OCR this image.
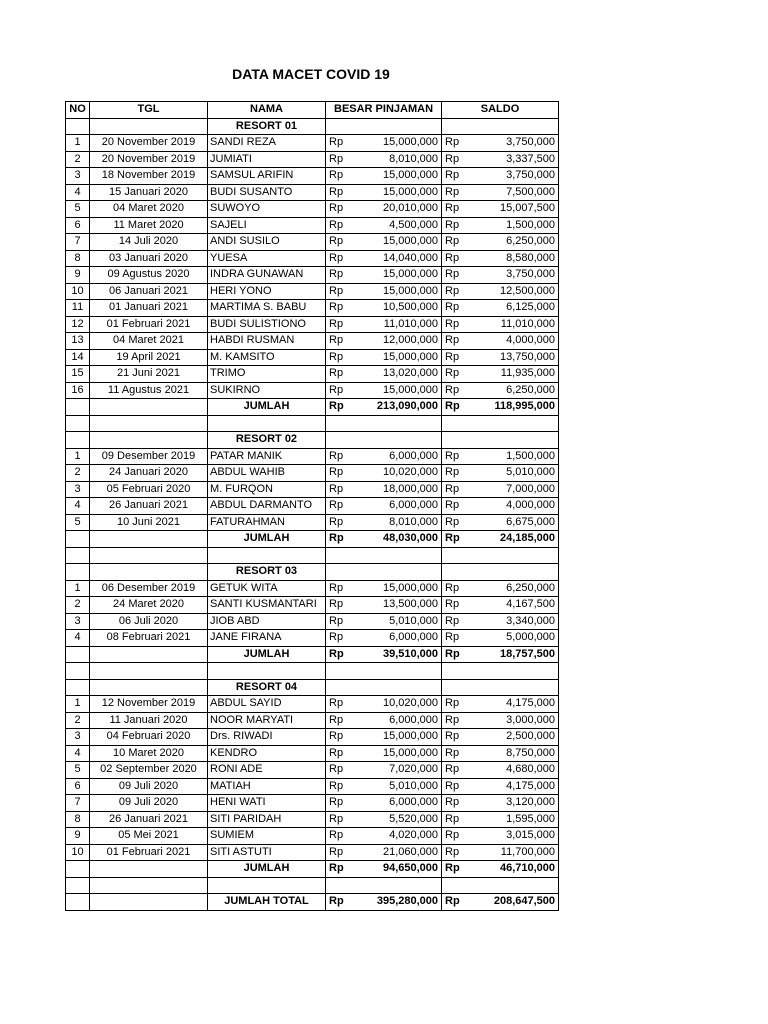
DATA MACET COVID 19
NO	TGL	NAMA	BESAR PINJAMAN		SALDO	
		RESORT 01				
1	20 November 2019	SANDI REZA	Rp	15,000,000	Rp	3,750,000
2	20 November 2019	JUMIATI	Rp	8,010,000	Rp	3,337,500
3	18 November 2019	SAMSUL ARIFIN	Rp	15,000,000	Rp	3,750,000
4	15 Januari 2020	BUDI SUSANTO	Rp	15,000,000	Rp	7,500,000
5	04 Maret 2020	SUWOYO	Rp	20,010,000	Rp	15,007,500
6	11 Maret 2020	SAJELI	Rp	4,500,000	Rp	1,500,000
7	14 Juli 2020	ANDI SUSILO	Rp	15,000,000	Rp	6,250,000
8	03 Januari 2020	YUESA	Rp	14,040,000	Rp	8,580,000
9	09 Agustus 2020	INDRA GUNAWAN	Rp	15,000,000	Rp	3,750,000
10	06 Januari 2021	HERI YONO	Rp	15,000,000	Rp	12,500,000
11	01 Januari 2021	MARTIMA S. BABU	Rp	10,500,000	Rp	6,125,000
12	01 Februari 2021	BUDI SULISTIONO	Rp	11,010,000	Rp	11,010,000
13	04 Maret 2021	HABDI RUSMAN	Rp	12,000,000	Rp	4,000,000
14	19 April 2021	M. KAMSITO	Rp	15,000,000	Rp	13,750,000
15	21 Juni 2021	TRIMO	Rp	13,020,000	Rp	11,935,000
16	11 Agustus 2021	SUKIRNO	Rp	15,000,000	Rp	6,250,000
		JUMLAH	Rp	213,090,000	Rp	118,995,000

		RESORT 02				
1	09 Desember 2019	PATAR MANIK	Rp	6,000,000	Rp	1,500,000
2	24 Januari 2020	ABDUL WAHIB	Rp	10,020,000	Rp	5,010,000
3	05 Februari 2020	M. FURQON	Rp	18,000,000	Rp	7,000,000
4	26 Januari 2021	ABDUL DARMANTO	Rp	6,000,000	Rp	4,000,000
5	10 Juni 2021	FATURAHMAN	Rp	8,010,000	Rp	6,675,000
		JUMLAH	Rp	48,030,000	Rp	24,185,000

		RESORT 03				
1	06 Desember 2019	GETUK WITA	Rp	15,000,000	Rp	6,250,000
2	24 Maret 2020	SANTI KUSMANTARI	Rp	13,500,000	Rp	4,167,500
3	06 Juli 2020	JIOB ABD	Rp	5,010,000	Rp	3,340,000
4	08 Februari 2021	JANE FIRANA	Rp	6,000,000	Rp	5,000,000
		JUMLAH	Rp	39,510,000	Rp	18,757,500

		RESORT 04				
1	12 November 2019	ABDUL SAYID	Rp	10,020,000	Rp	4,175,000
2	11 Januari 2020	NOOR MARYATI	Rp	6,000,000	Rp	3,000,000
3	04 Februari 2020	Drs. RIWADI	Rp	15,000,000	Rp	2,500,000
4	10 Maret 2020	KENDRO	Rp	15,000,000	Rp	8,750,000
5	02 September 2020	RONI ADE	Rp	7,020,000	Rp	4,680,000
6	09 Juli 2020	MATIAH	Rp	5,010,000	Rp	4,175,000
7	09 Juli 2020	HENI WATI	Rp	6,000,000	Rp	3,120,000
8	26 Januari 2021	SITI PARIDAH	Rp	5,520,000	Rp	1,595,000
9	05 Mei 2021	SUMIEM	Rp	4,020,000	Rp	3,015,000
10	01 Februari 2021	SITI ASTUTI	Rp	21,060,000	Rp	11,700,000
		JUMLAH	Rp	94,650,000	Rp	46,710,000

		JUMLAH TOTAL	Rp	395,280,000	Rp	208,647,500
